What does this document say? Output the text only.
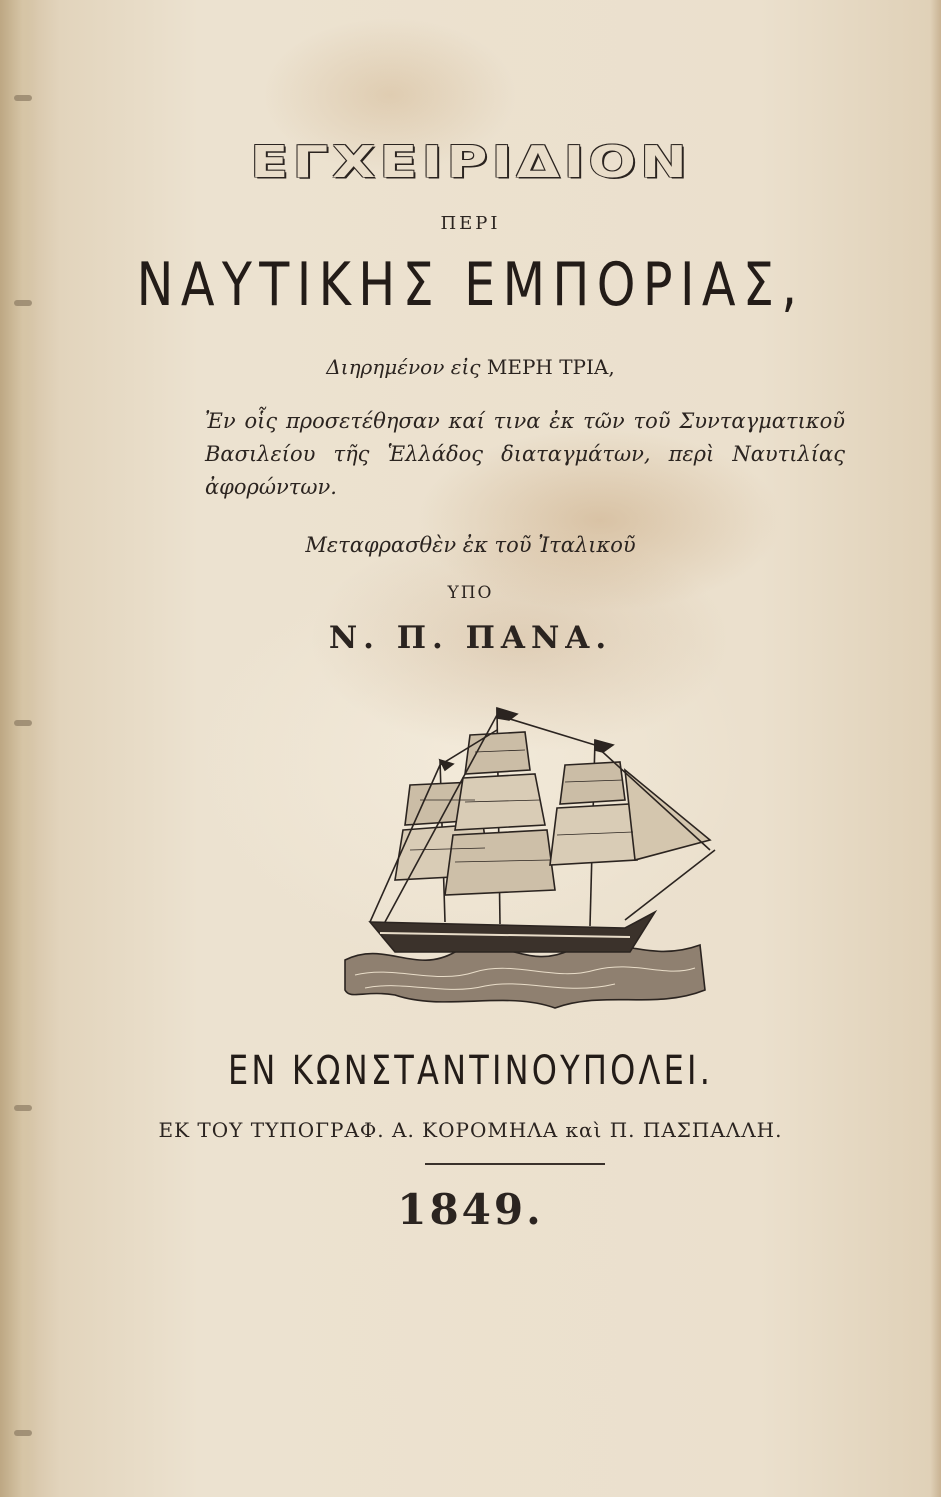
ΕΓΧΕΙΡΙΔΙΟΝ
ΠΕΡΙ
ΝΑΥΤΙΚΗΣ ΕΜΠΟΡΙΑΣ,
Διηρημένον εἰς ΜΕΡΗ ΤΡΙΑ,
Ἐν οἷς προσετέθησαν καί τινα ἐκ τῶν τοῦ Συνταγματικοῦ Βασιλείου τῆς Ἑλλάδος διαταγμάτων, περὶ Ναυτιλίας ἀφορώντων.
Μεταφρασθὲν ἐκ τοῦ Ἰταλικοῦ
ΥΠΟ
Ν. Π. ΠΑΝΑ.
ΕΝ ΚΩΝΣΤΑΝΤΙΝΟΥΠΟΛΕΙ.
ΕΚ ΤΟΥ ΤΥΠΟΓΡΑΦ. Α. ΚΟΡΟΜΗΛΑ καὶ Π. ΠΑΣΠΑΛΛΗ.
1849.
